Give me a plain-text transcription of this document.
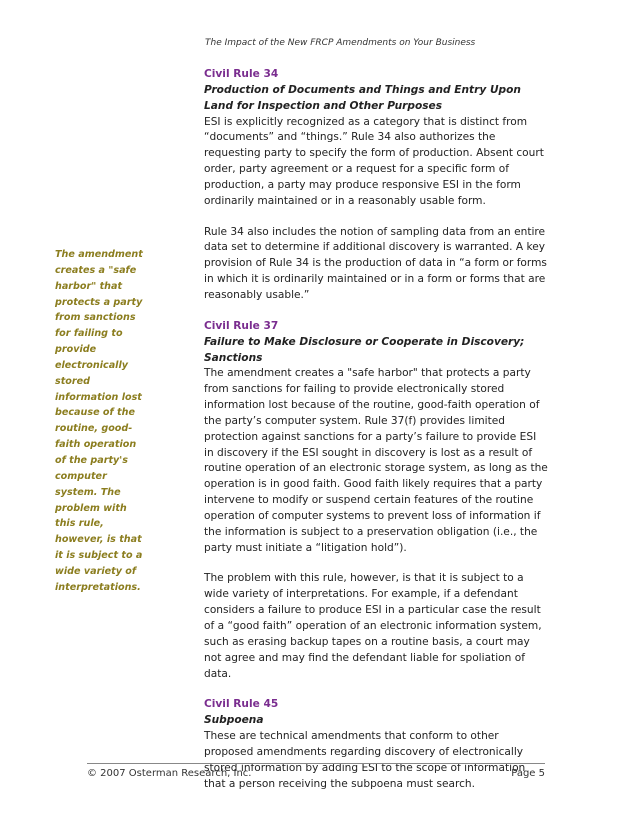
The Impact of the New FRCP Amendments on Your Business
The amendment creates a "safe harbor" that protects a party from sanctions for failing to provide electronically stored information lost because of the routine, good-faith operation of the party's computer system. The problem with this rule, however, is that it is subject to a wide variety of interpretations.

Civil Rule 34

Production of Documents and Things and Entry Upon Land for Inspection and Other Purposes

ESI is explicitly recognized as a category that is distinct from “documents” and “things.” Rule 34 also authorizes the requesting party to specify the form of production. Absent court order, party agreement or a request for a specific form of production, a party may produce responsive ESI in the form ordinarily maintained or in a reasonably usable form.

Rule 34 also includes the notion of sampling data from an entire data set to determine if additional discovery is warranted. A key provision of Rule 34 is the production of data in “a form or forms in which it is ordinarily maintained or in a form or forms that are reasonably usable.”

Civil Rule 37

Failure to Make Disclosure or Cooperate in Discovery; Sanctions

The amendment creates a "safe harbor" that protects a party from sanctions for failing to provide electronically stored information lost because of the routine, good-faith operation of the party’s computer system. Rule 37(f) provides limited protection against sanctions for a party’s failure to provide ESI in discovery if the ESI sought in discovery is lost as a result of routine operation of an electronic storage system, as long as the operation is in good faith. Good faith likely requires that a party intervene to modify or suspend certain features of the routine operation of computer systems to prevent loss of information if the information is subject to a preservation obligation (i.e., the party must initiate a “litigation hold”).

The problem with this rule, however, is that it is subject to a wide variety of interpretations. For example, if a defendant considers a failure to produce ESI in a particular case the result of a “good faith” operation of an electronic information system, such as erasing backup tapes on a routine basis, a court may not agree and may find the defendant liable for spoliation of data.

Civil Rule 45

Subpoena

These are technical amendments that conform to other proposed amendments regarding discovery of electronically stored information by adding ESI to the scope of information that a person receiving the subpoena must search.

© 2007 Osterman Research, Inc.	Page 5
